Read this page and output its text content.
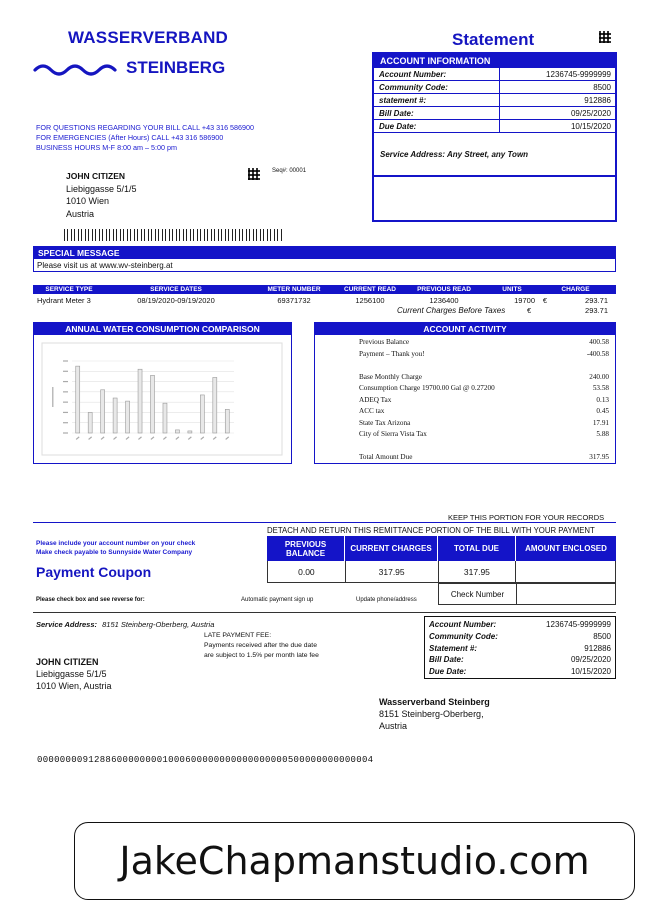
WASSERVERBAND
STEINBERG
Statement
ACCOUNT INFORMATION
Account Number:	1236745-9999999
Community Code:	8500
statement #:	912886
Bill Date:	09/25/2020
Due Date:	10/15/2020
Service Address: Any Street, any Town
FOR QUESTIONS REGARDING YOUR BILL CALL +43 316 586900
FOR EMERGENCIES (After Hours) CALL +43 316 586900
BUSINESS HOURS M-F 8:00 am – 5:00 pm
Seq#: 00001
JOHN CITIZEN
Liebiggasse 5/1/5
1010 Wien
Austria
SPECIAL MESSAGE
Please visit us at www.wv-steinberg.at
SERVICE TYPE	SERVICE DATES	METER NUMBER	CURRENT READ	PREVIOUS READ	UNITS	CHARGE
Hydrant Meter 3	08/19/2020-09/19/2020	69371732	1256100	1236400	19700	€	293.71
Current Charges Before Taxes	€	293.71
ANNUAL WATER CONSUMPTION COMPARISON	ACCOUNT ACTIVITY
Previous Balance	400.58
Payment – Thank you!	-400.58
Base Monthly Charge	240.00
Consumption Charge 19700.00 Gal @ 0.27200	53.58
ADEQ Tax	0.13
ACC tax	0.45
State Tax Arizona	17.91
City of Sierra Vista Tax	5.88
Total Amount Due	317.95
KEEP THIS PORTION FOR YOUR RECORDS
DETACH AND RETURN THIS REMITTANCE PORTION OF THE BILL WITH YOUR PAYMENT
Please include your account number on your check
Make check payable to Sunnyside Water Company
Payment Coupon
PREVIOUS BALANCE	CURRENT CHARGES	TOTAL DUE	AMOUNT ENCLOSED
0.00	317.95	317.95
Check Number
Please check box and see reverse for:	Automatic payment sign up	Update phone/address
Service Address: 8151 Steinberg-Oberberg, Austria
LATE PAYMENT FEE:
Payments received after the due date
are subject to 1.5% per month late fee
JOHN CITIZEN
Liebiggasse 5/1/5
1010 Wien, Austria
Account Number:	1236745-9999999
Community Code:	8500
Statement #:	912886
Bill Date:	09/25/2020
Due Date:	10/15/2020
Wasserverband Steinberg
8151 Steinberg-Oberberg,
Austria
00000000912886000000001000600000000000000000500000000000004
JakeChapmanstudio.com
